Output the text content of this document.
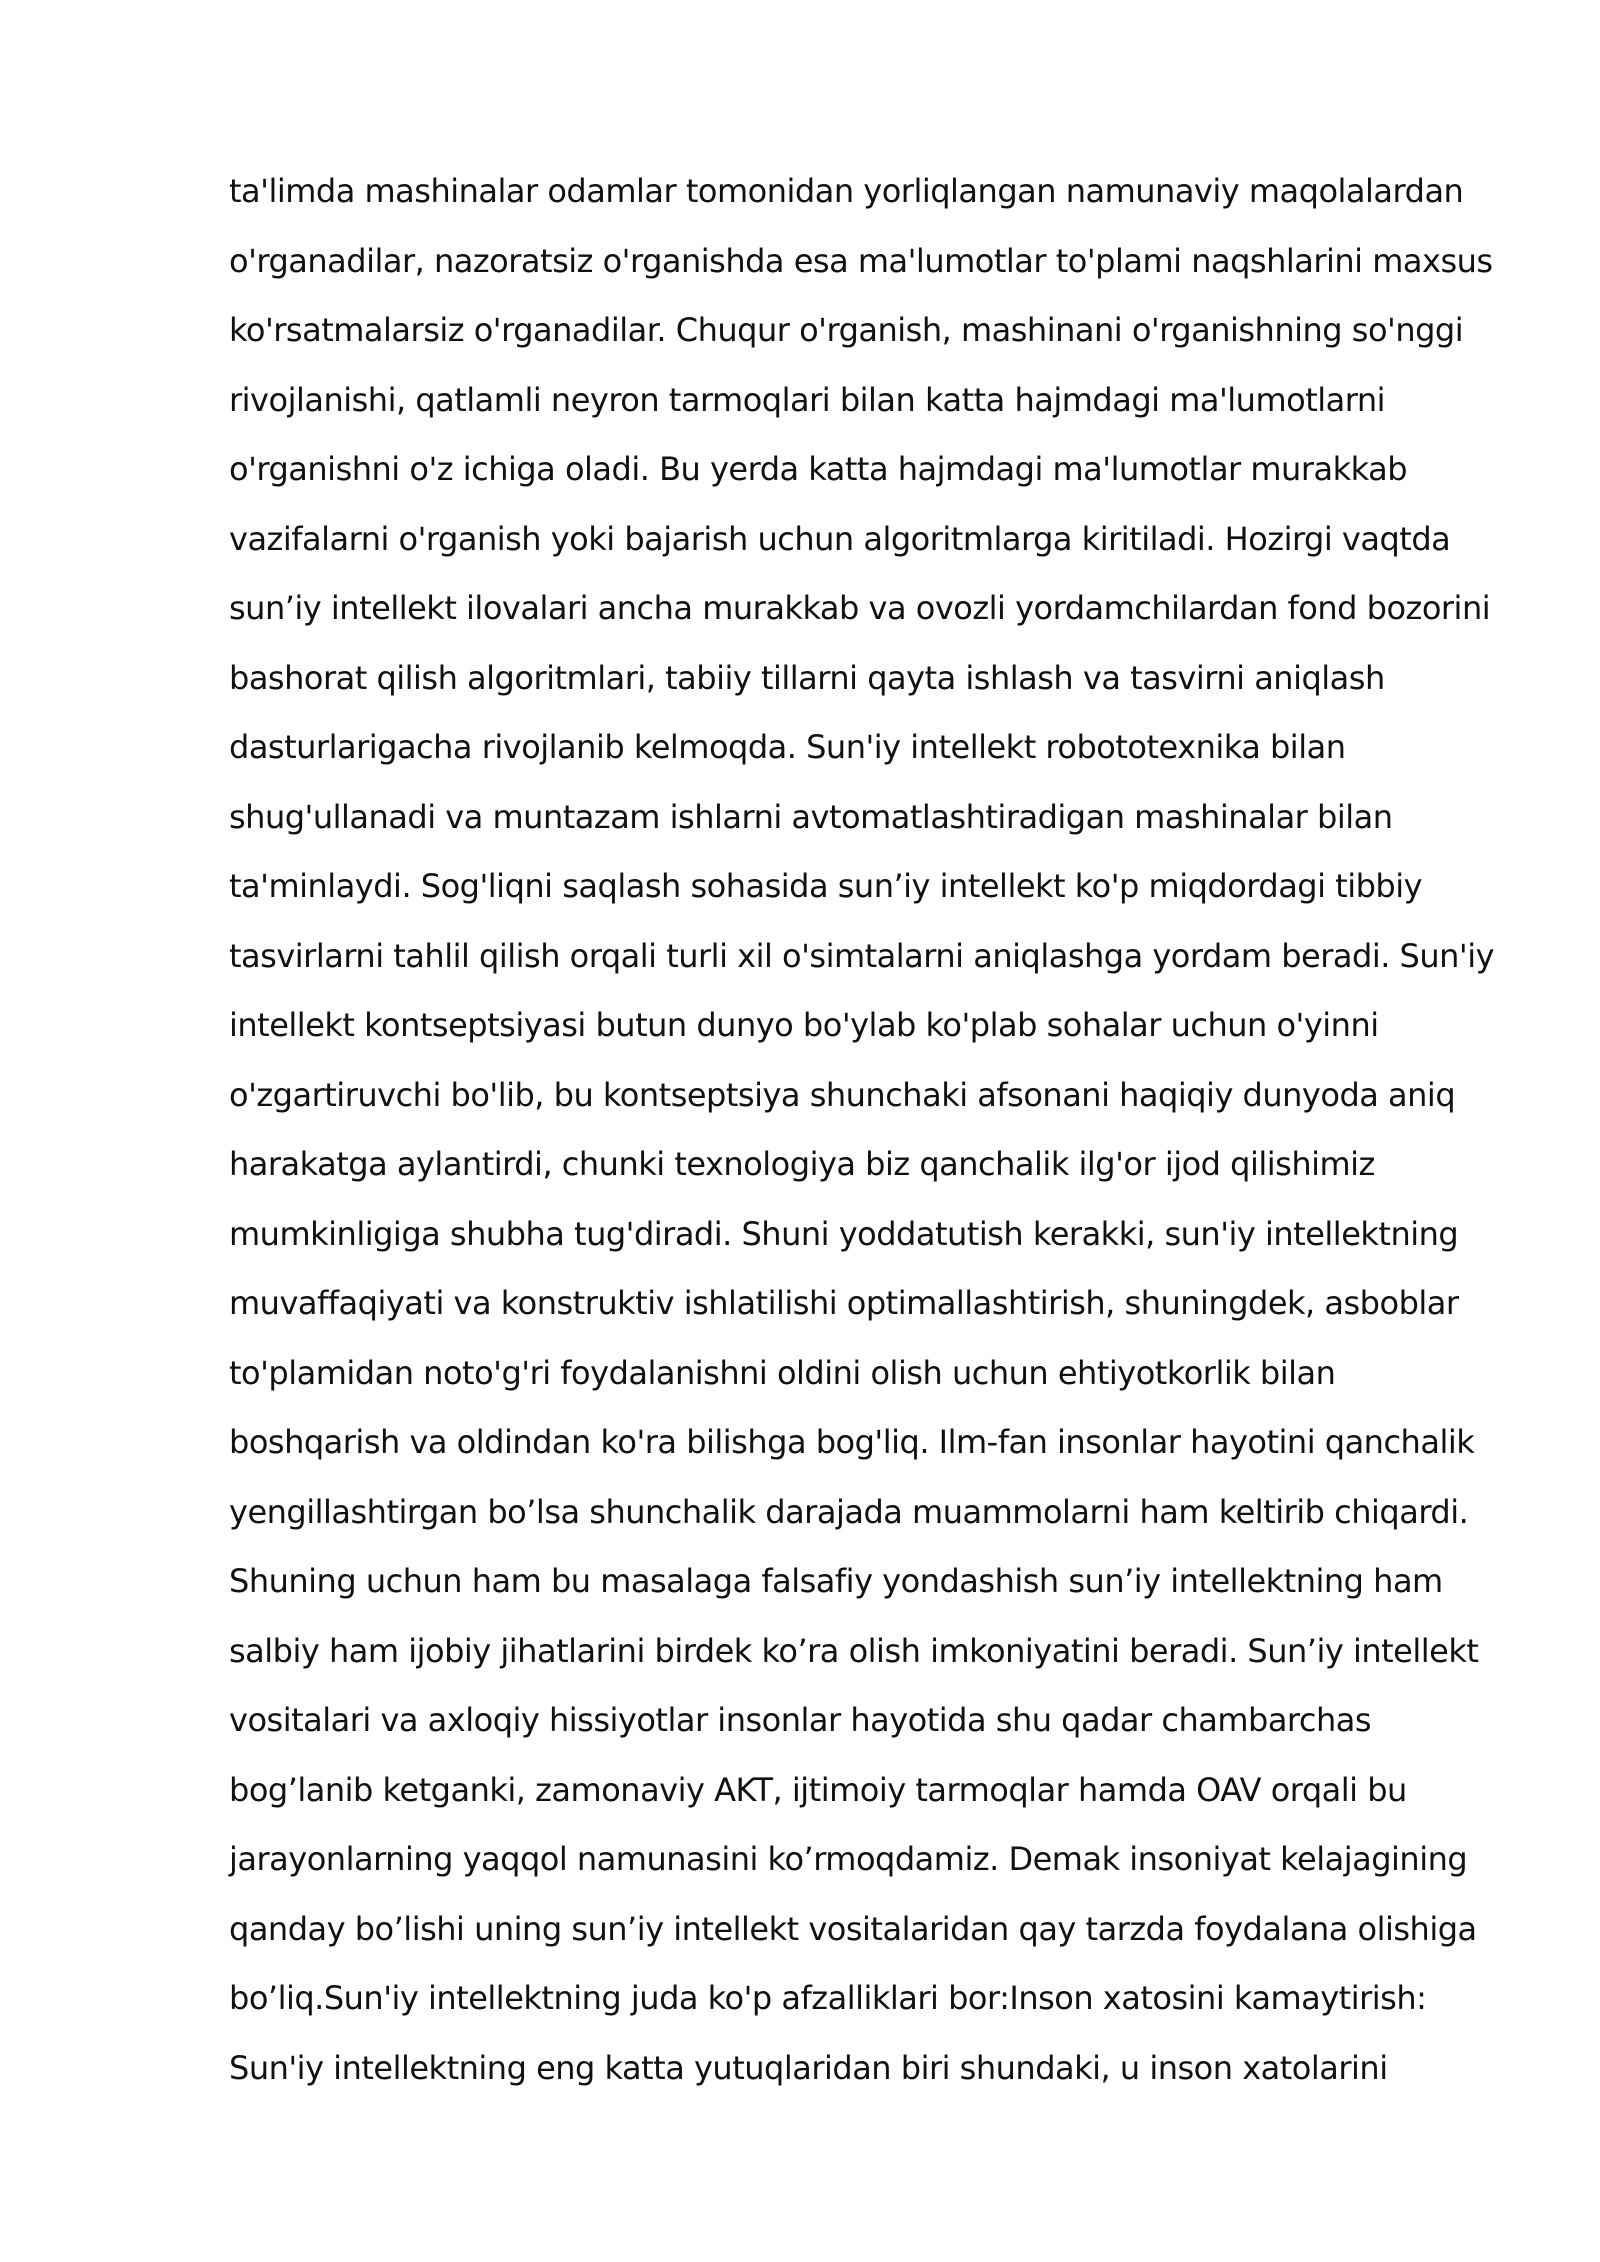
ta'limda mashinalar odamlar tomonidan yorliqlangan namunaviy maqolalardan
o'rganadilar, nazoratsiz o'rganishda esa ma'lumotlar to'plami naqshlarini maxsus
ko'rsatmalarsiz o'rganadilar. Chuqur o'rganish, mashinani o'rganishning so'nggi
rivojlanishi, qatlamli neyron tarmoqlari bilan katta hajmdagi ma'lumotlarni
o'rganishni o'z ichiga oladi. Bu yerda katta hajmdagi ma'lumotlar murakkab
vazifalarni o'rganish yoki bajarish uchun algoritmlarga kiritiladi. Hozirgi vaqtda
sun’iy intellekt ilovalari ancha murakkab va ovozli yordamchilardan fond bozorini
bashorat qilish algoritmlari, tabiiy tillarni qayta ishlash va tasvirni aniqlash
dasturlarigacha rivojlanib kelmoqda. Sun'iy intellekt robototexnika bilan
shug'ullanadi va muntazam ishlarni avtomatlashtiradigan mashinalar bilan
ta'minlaydi. Sog'liqni saqlash sohasida sun’iy intellekt ko'p miqdordagi tibbiy
tasvirlarni tahlil qilish orqali turli xil o'simtalarni aniqlashga yordam beradi. Sun'iy
intellekt kontseptsiyasi butun dunyo bo'ylab ko'plab sohalar uchun o'yinni
o'zgartiruvchi bo'lib, bu kontseptsiya shunchaki afsonani haqiqiy dunyoda aniq
harakatga aylantirdi, chunki texnologiya biz qanchalik ilg'or ijod qilishimiz
mumkinligiga shubha tug'diradi. Shuni yoddatutish kerakki, sun'iy intellektning
muvaffaqiyati va konstruktiv ishlatilishi optimallashtirish, shuningdek, asboblar
to'plamidan noto'g'ri foydalanishni oldini olish uchun ehtiyotkorlik bilan
boshqarish va oldindan ko'ra bilishga bog'liq. Ilm-fan insonlar hayotini qanchalik
yengillashtirgan bo’lsa shunchalik darajada muammolarni ham keltirib chiqardi.
Shuning uchun ham bu masalaga falsafiy yondashish sun’iy intellektning ham
salbiy ham ijobiy jihatlarini birdek ko’ra olish imkoniyatini beradi. Sun’iy intellekt
vositalari va axloqiy hissiyotlar insonlar hayotida shu qadar chambarchas
bog’lanib ketganki, zamonaviy AKT, ijtimoiy tarmoqlar hamda OAV orqali bu
jarayonlarning yaqqol namunasini ko’rmoqdamiz. Demak insoniyat kelajagining
qanday bo’lishi uning sun’iy intellekt vositalaridan qay tarzda foydalana olishiga
bo’liq.Sun'iy intellektning juda ko'p afzalliklari bor:Inson xatosini kamaytirish:
Sun'iy intellektning eng katta yutuqlaridan biri shundaki, u inson xatolarini
